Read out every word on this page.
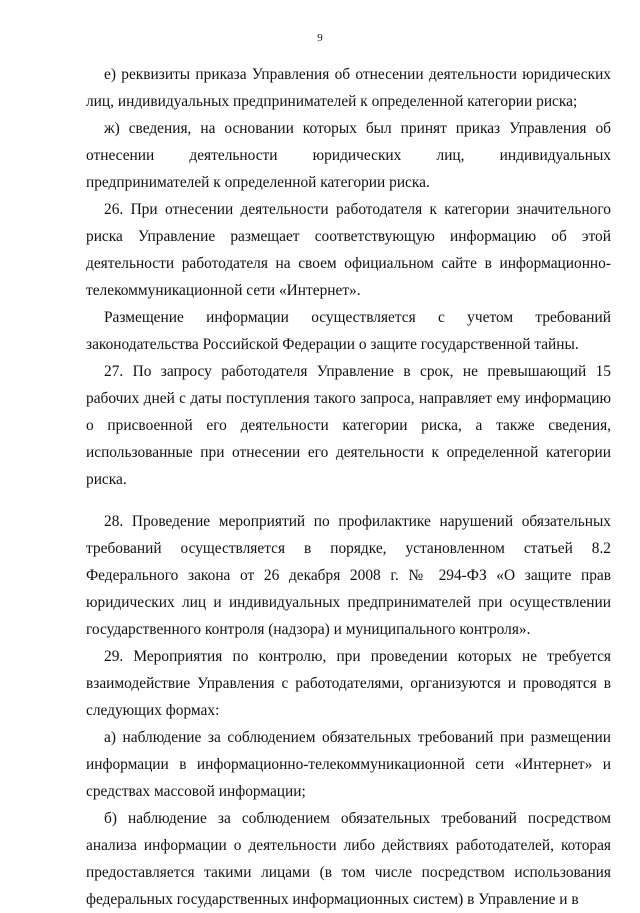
9

е) реквизиты приказа Управления об отнесении деятельности юридических лиц, индивидуальных предпринимателей к определенной категории риска;

ж) сведения, на основании которых был принят приказ Управления об отнесении деятельности юридических лиц, индивидуальных предпринимателей к определенной категории риска.

26. При отнесении деятельности работодателя к категории значительного риска Управление размещает соответствующую информацию об этой деятельности работодателя на своем официальном сайте в информационно-телекоммуникационной сети «Интернет».

Размещение информации осуществляется с учетом требований законодательства Российской Федерации о защите государственной тайны.

27. По запросу работодателя Управление в срок, не превышающий 15 рабочих дней с даты поступления такого запроса, направляет ему информацию о присвоенной его деятельности категории риска, а также сведения, использованные при отнесении его деятельности к определенной категории риска.

28. Проведение мероприятий по профилактике нарушений обязательных требований осуществляется в порядке, установленном статьей 8.2 Федерального закона от 26 декабря 2008 г. № 294-ФЗ «О защите прав юридических лиц и индивидуальных предпринимателей при осуществлении государственного контроля (надзора) и муниципального контроля».

29. Мероприятия по контролю, при проведении которых не требуется взаимодействие Управления с работодателями, организуются и проводятся в следующих формах:

а) наблюдение за соблюдением обязательных требований при размещении информации в информационно-телекоммуникационной сети «Интернет» и средствах массовой информации;

б) наблюдение за соблюдением обязательных требований посредством анализа информации о деятельности либо действиях работодателей, которая предоставляется такими лицами (в том числе посредством использования федеральных государственных информационных систем) в Управление и в
